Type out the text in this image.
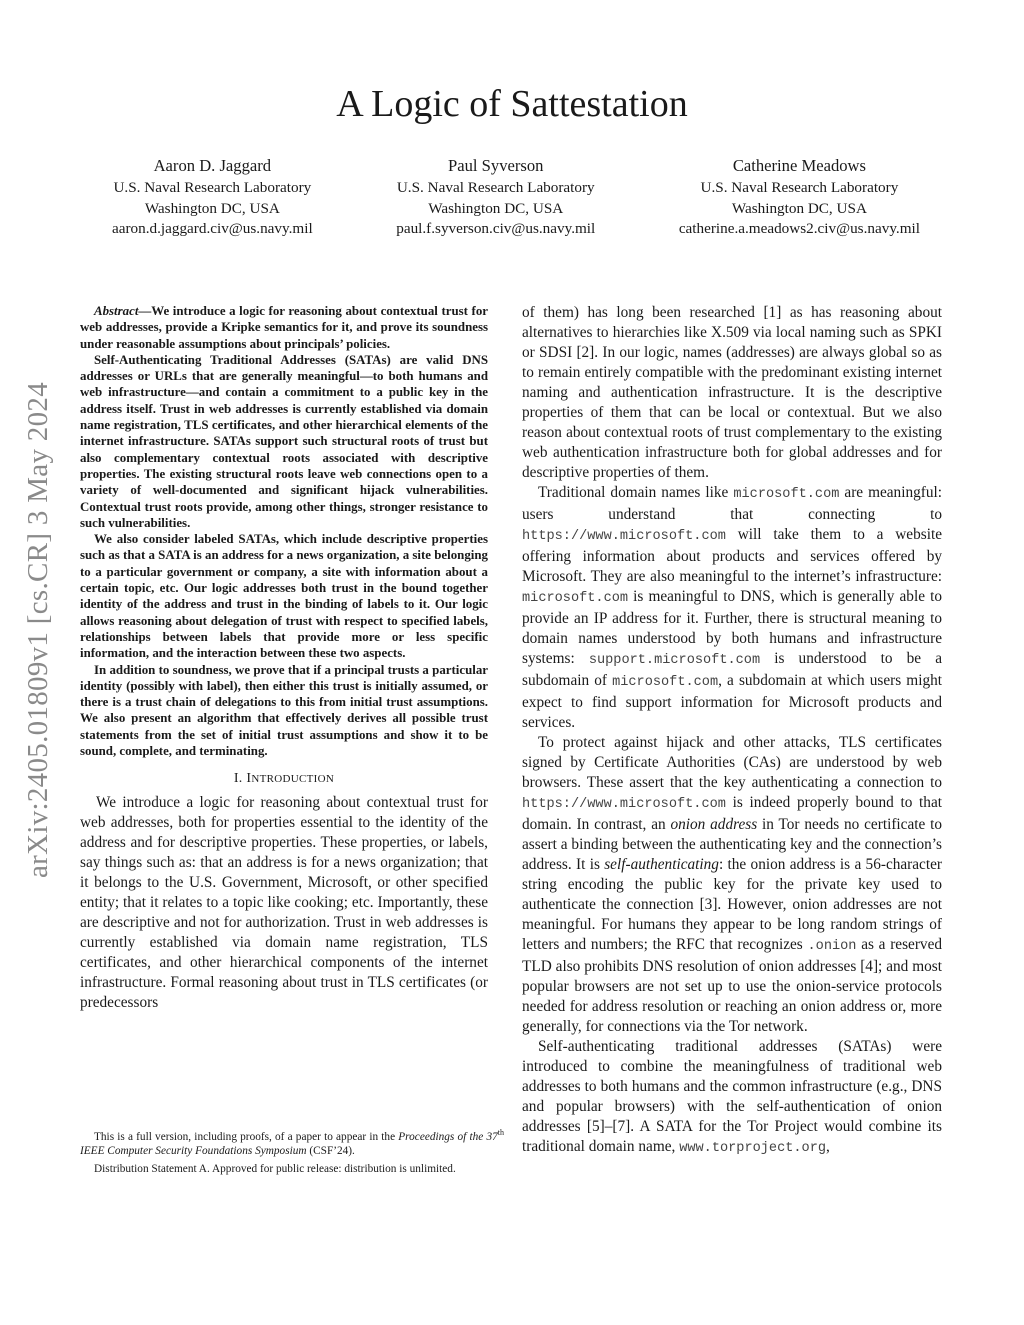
arXiv:2405.01809v1 [cs.CR] 3 May 2024
A Logic of Sattestation
Aaron D. Jaggard
U.S. Naval Research Laboratory
Washington DC, USA
aaron.d.jaggard.civ@us.navy.mil
Paul Syverson
U.S. Naval Research Laboratory
Washington DC, USA
paul.f.syverson.civ@us.navy.mil
Catherine Meadows
U.S. Naval Research Laboratory
Washington DC, USA
catherine.a.meadows2.civ@us.navy.mil

Abstract—We introduce a logic for reasoning about contextual trust for web addresses, provide a Kripke semantics for it, and prove its soundness under reasonable assumptions about principals’ policies.

Self-Authenticating Traditional Addresses (SATAs) are valid DNS addresses or URLs that are generally meaningful—to both humans and web infrastructure—and contain a commitment to a public key in the address itself. Trust in web addresses is currently established via domain name registration, TLS certificates, and other hierarchical elements of the internet infrastructure. SATAs support such structural roots of trust but also complementary contextual roots associated with descriptive properties. The existing structural roots leave web connections open to a variety of well-documented and significant hijack vulnerabilities. Contextual trust roots provide, among other things, stronger resistance to such vulnerabilities.

We also consider labeled SATAs, which include descriptive properties such as that a SATA is an address for a news organization, a site belonging to a particular government or company, a site with information about a certain topic, etc. Our logic addresses both trust in the bound together identity of the address and trust in the binding of labels to it. Our logic allows reasoning about delegation of trust with respect to specified labels, relationships between labels that provide more or less specific information, and the interaction between these two aspects.

In addition to soundness, we prove that if a principal trusts a particular identity (possibly with label), then either this trust is initially assumed, or there is a trust chain of delegations to this from initial trust assumptions. We also present an algorithm that effectively derives all possible trust statements from the set of initial trust assumptions and show it to be sound, complete, and terminating.

I. INTRODUCTION

We introduce a logic for reasoning about contextual trust for web addresses, both for properties essential to the identity of the address and for descriptive properties. These properties, or labels, say things such as: that an address is for a news organization; that it belongs to the U.S. Government, Microsoft, or other specified entity; that it relates to a topic like cooking; etc. Importantly, these are descriptive and not for authorization. Trust in web addresses is currently established via domain name registration, TLS certificates, and other hierarchical components of the internet infrastructure. Formal reasoning about trust in TLS certificates (or predecessors

This is a full version, including proofs, of a paper to appear in the Proceedings of the 37th IEEE Computer Security Foundations Symposium (CSF’24).

Distribution Statement A. Approved for public release: distribution is unlimited.

of them) has long been researched [1] as has reasoning about alternatives to hierarchies like X.509 via local naming such as SPKI or SDSI [2]. In our logic, names (addresses) are always global so as to remain entirely compatible with the predominant existing internet naming and authentication infrastructure. It is the descriptive properties of them that can be local or contextual. But we also reason about contextual roots of trust complementary to the existing web authentication infrastructure both for global addresses and for descriptive properties of them.

Traditional domain names like microsoft.com are meaningful: users understand that connecting to https://www.microsoft.com will take them to a website offering information about products and services offered by Microsoft. They are also meaningful to the internet’s infrastructure: microsoft.com is meaningful to DNS, which is generally able to provide an IP address for it. Further, there is structural meaning to domain names understood by both humans and infrastructure systems: support.microsoft.com is understood to be a subdomain of microsoft.com, a subdomain at which users might expect to find support information for Microsoft products and services.

To protect against hijack and other attacks, TLS certificates signed by Certificate Authorities (CAs) are understood by web browsers. These assert that the key authenticating a connection to https://www.microsoft.com is indeed properly bound to that domain. In contrast, an onion address in Tor needs no certificate to assert a binding between the authenticating key and the connection’s address. It is self-authenticating: the onion address is a 56-character string encoding the public key for the private key used to authenticate the connection [3]. However, onion addresses are not meaningful. For humans they appear to be long random strings of letters and numbers; the RFC that recognizes .onion as a reserved TLD also prohibits DNS resolution of onion addresses [4]; and most popular browsers are not set up to use the onion-service protocols needed for address resolution or reaching an onion address or, more generally, for connections via the Tor network.

Self-authenticating traditional addresses (SATAs) were introduced to combine the meaningfulness of traditional web addresses to both humans and the common infrastructure (e.g., DNS and popular browsers) with the self-authentication of onion addresses [5]–[7]. A SATA for the Tor Project would combine its traditional domain name, www.torproject.org,
